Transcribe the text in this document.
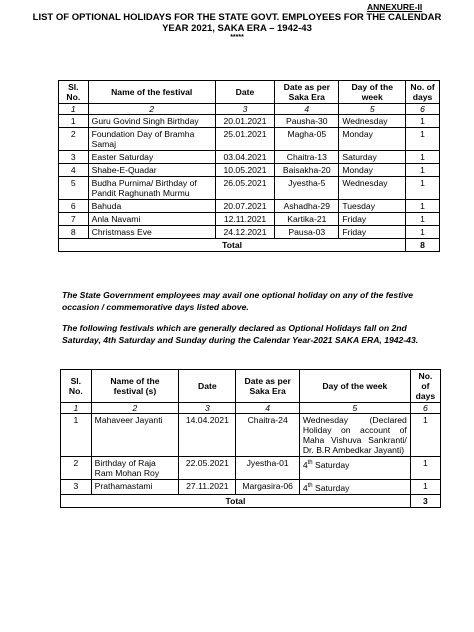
ANNEXURE-II
LIST OF OPTIONAL HOLIDAYS FOR THE STATE GOVT. EMPLOYEES FOR THE CALENDAR YEAR 2021, SAKA ERA – 1942-43
*****
Sl. No.	Name of the festival	Date	Date as per Saka Era	Day of the week	No. of days
1	2	3	4	5	6
1	Guru Govind Singh Birthday	20.01.2021	Pausha-30	Wednesday	1
2	Foundation Day of Bramha Samaj	25.01.2021	Magha-05	Monday	1
3	Easter Saturday	03.04.2021	Chaitra-13	Saturday	1
4	Shabe-E-Quadar	10.05.2021	Baisakha-20	Monday	1
5	Budha Purnima/ Birthday of Pandit Raghunath Murmu	26.05.2021	Jyestha-5	Wednesday	1
6	Bahuda	20.07.2021	Ashadha-29	Tuesday	1
7	Anla Navami	12.11.2021	Kartika-21	Friday	1
8	Christmass Eve	24.12.2021	Pausa-03	Friday	1
Total					8
The State Government employees may avail one optional holiday on any of the festive occasion / commemorative days listed above.
The following festivals which are generally declared as Optional Holidays fall on 2nd Saturday, 4th Saturday and Sunday during the Calendar Year-2021 SAKA ERA, 1942-43.
Sl. No.	Name of the festival (s)	Date	Date as per Saka Era	Day of the week	No. of days
1	2	3	4	5	6
1	Mahaveer Jayanti	14.04.2021	Chaitra-24	Wednesday (Declared Holiday on account of Maha Vishuva Sankranti/ Dr. B.R Ambedkar Jayanti)	1
2	Birthday of Raja Ram Mohan Roy	22.05.2021	Jyestha-01	4th Saturday	1
3	Prathamastami	27.11.2021	Margasira-06	4th Saturday	1
Total					3
